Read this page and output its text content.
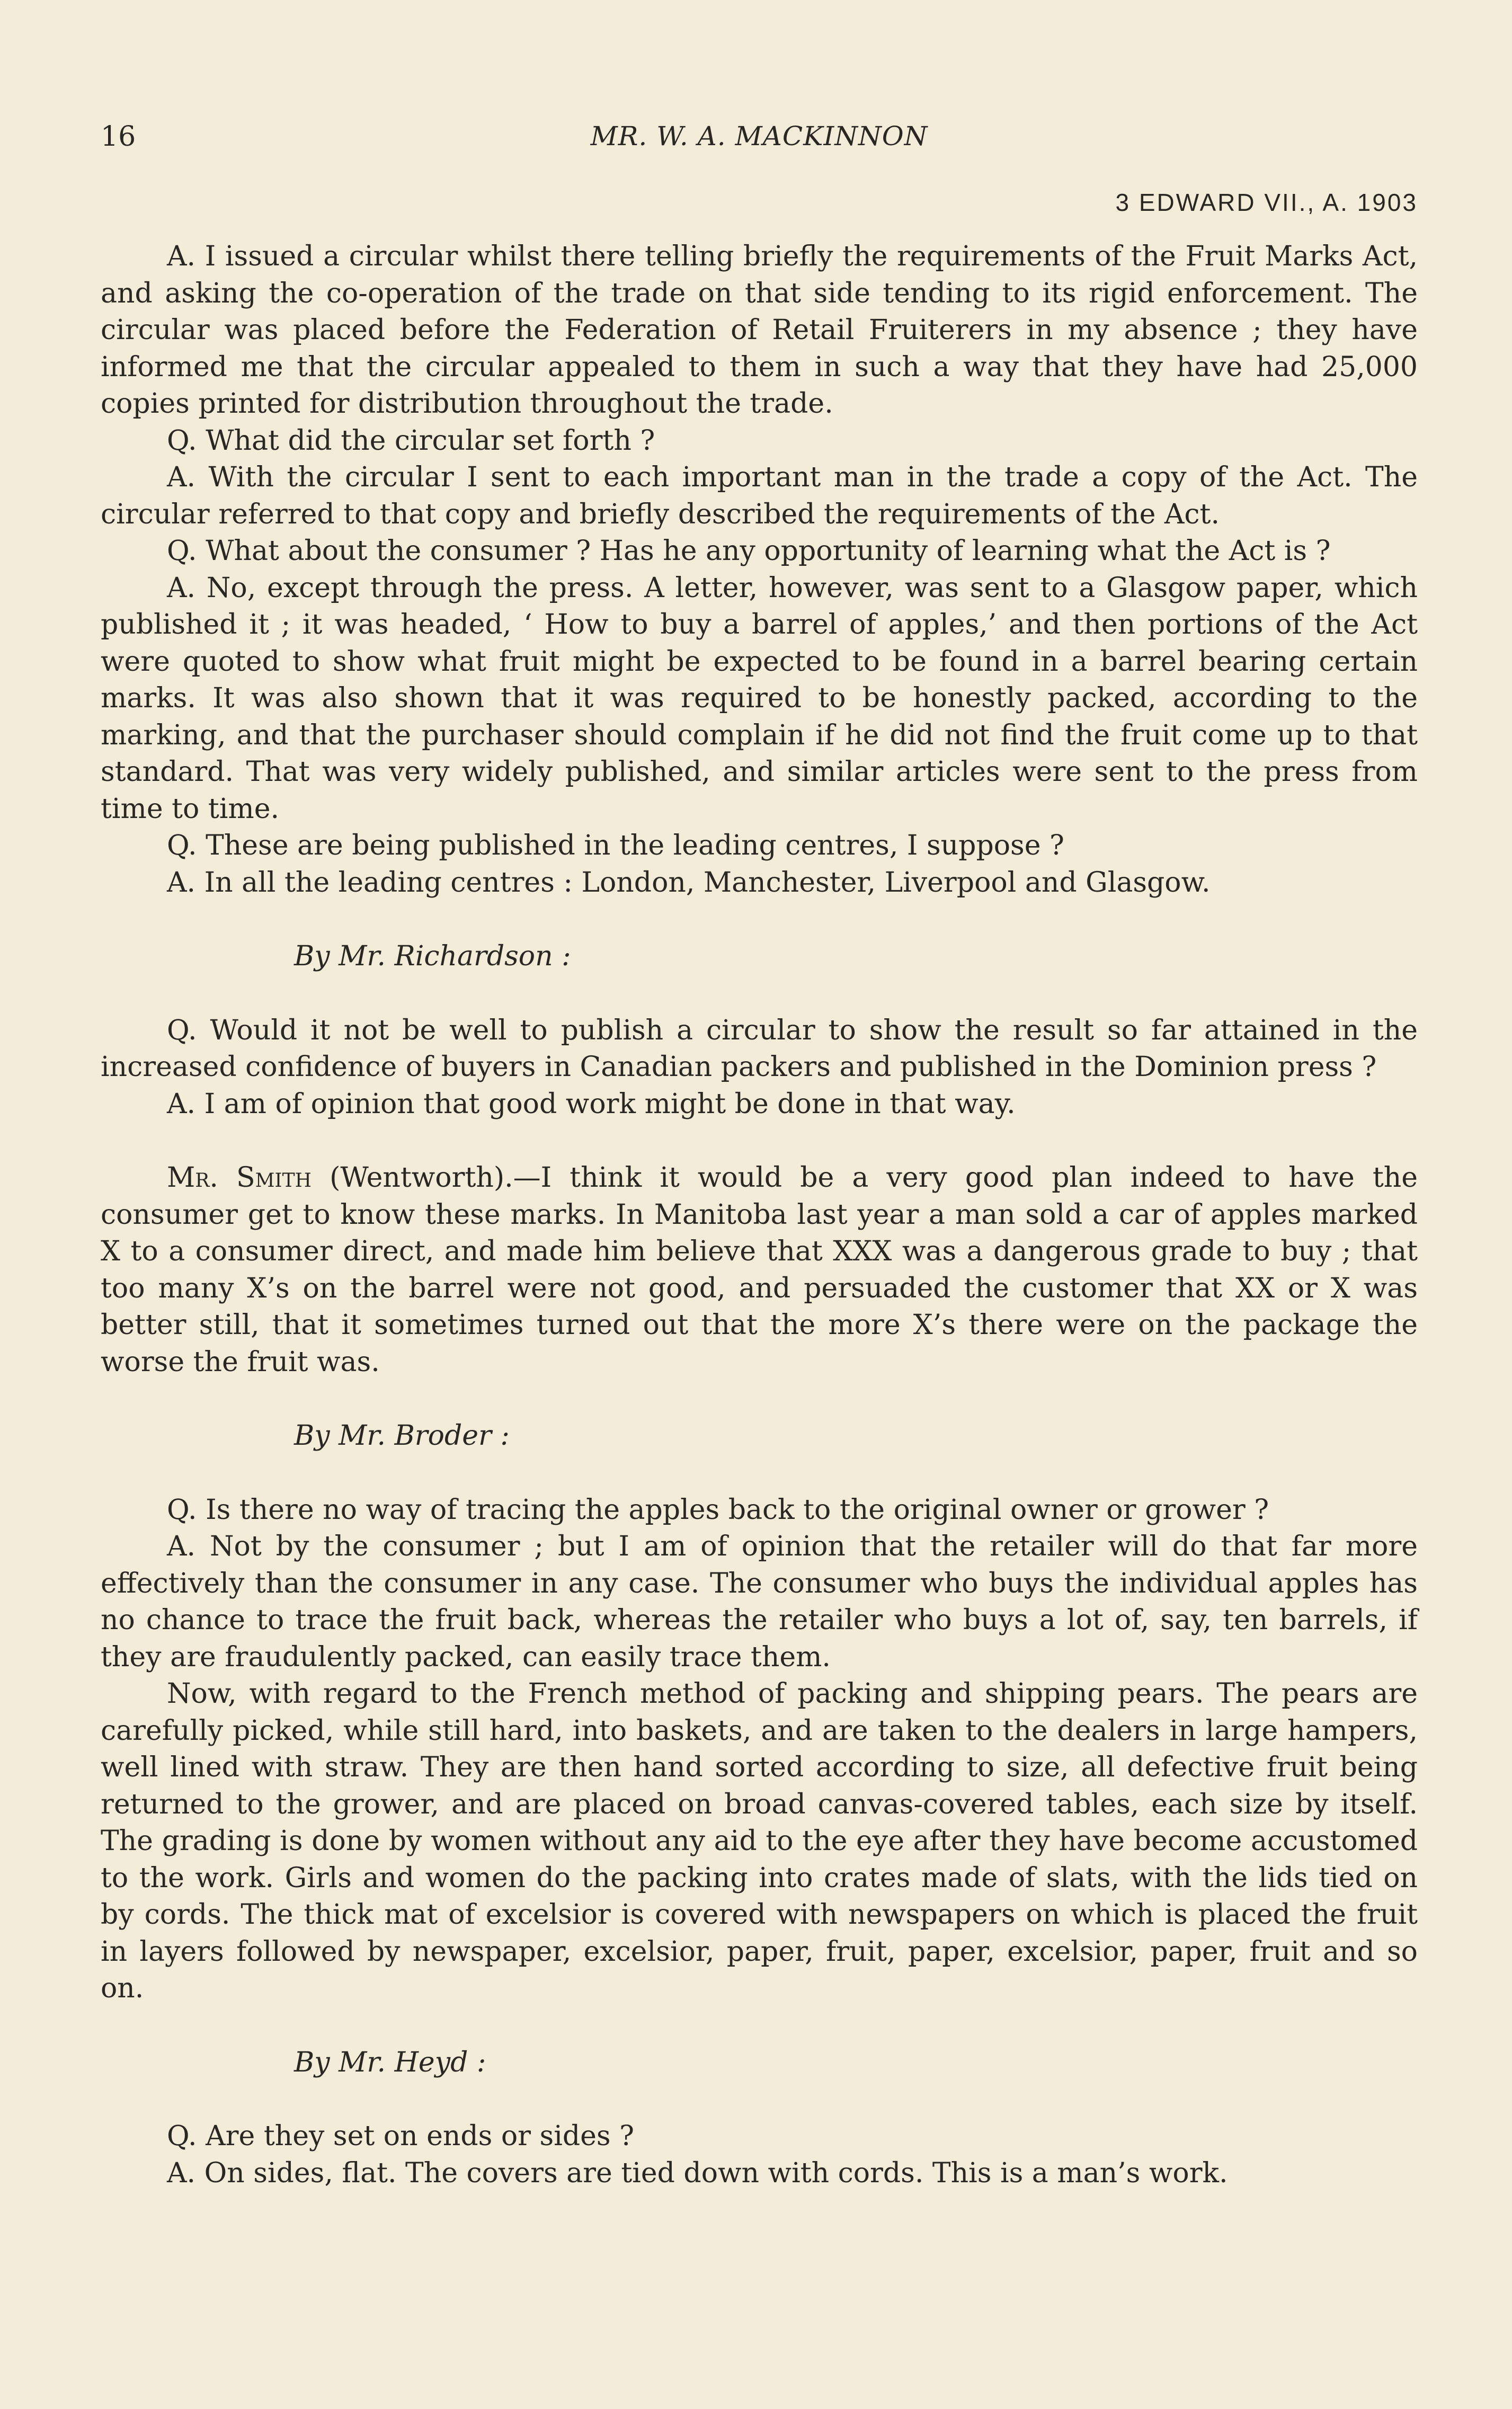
16	MR. W. A. MACKINNON
3 EDWARD VII., A. 1903

A. I issued a circular whilst there telling briefly the requirements of the Fruit Marks Act, and asking the co-operation of the trade on that side tending to its rigid enforcement. The circular was placed before the Federation of Retail Fruiterers in my absence ; they have informed me that the circular appealed to them in such a way that they have had 25,000 copies printed for distribution throughout the trade.

Q. What did the circular set forth ?

A. With the circular I sent to each important man in the trade a copy of the Act. The circular referred to that copy and briefly described the requirements of the Act.

Q. What about the consumer ? Has he any opportunity of learning what the Act is ?

A. No, except through the press. A letter, however, was sent to a Glasgow paper, which published it ; it was headed, ‘ How to buy a barrel of apples,’ and then portions of the Act were quoted to show what fruit might be expected to be found in a barrel bearing certain marks. It was also shown that it was required to be honestly packed, according to the marking, and that the purchaser should complain if he did not find the fruit come up to that standard. That was very widely published, and similar articles were sent to the press from time to time.

Q. These are being published in the leading centres, I suppose ?

A. In all the leading centres : London, Manchester, Liverpool and Glasgow.

By Mr. Richardson :

Q. Would it not be well to publish a circular to show the result so far attained in the increased confidence of buyers in Canadian packers and published in the Dominion press ?

A. I am of opinion that good work might be done in that way.

Mr. Smith (Wentworth).—I think it would be a very good plan indeed to have the consumer get to know these marks. In Manitoba last year a man sold a car of apples marked X to a consumer direct, and made him believe that XXX was a dangerous grade to buy ; that too many X’s on the barrel were not good, and persuaded the customer that XX or X was better still, that it sometimes turned out that the more X’s there were on the package the worse the fruit was.

By Mr. Broder :

Q. Is there no way of tracing the apples back to the original owner or grower ?

A. Not by the consumer ; but I am of opinion that the retailer will do that far more effectively than the consumer in any case. The consumer who buys the individual apples has no chance to trace the fruit back, whereas the retailer who buys a lot of, say, ten barrels, if they are fraudulently packed, can easily trace them.

Now, with regard to the French method of packing and shipping pears. The pears are carefully picked, while still hard, into baskets, and are taken to the dealers in large hampers, well lined with straw. They are then hand sorted according to size, all defective fruit being returned to the grower, and are placed on broad canvas-covered tables, each size by itself. The grading is done by women without any aid to the eye after they have become accustomed to the work. Girls and women do the packing into crates made of slats, with the lids tied on by cords. The thick mat of excelsior is covered with newspapers on which is placed the fruit in layers followed by newspaper, excelsior, paper, fruit, paper, excelsior, paper, fruit and so on.

By Mr. Heyd :

Q. Are they set on ends or sides ?

A. On sides, flat. The covers are tied down with cords. This is a man’s work.
